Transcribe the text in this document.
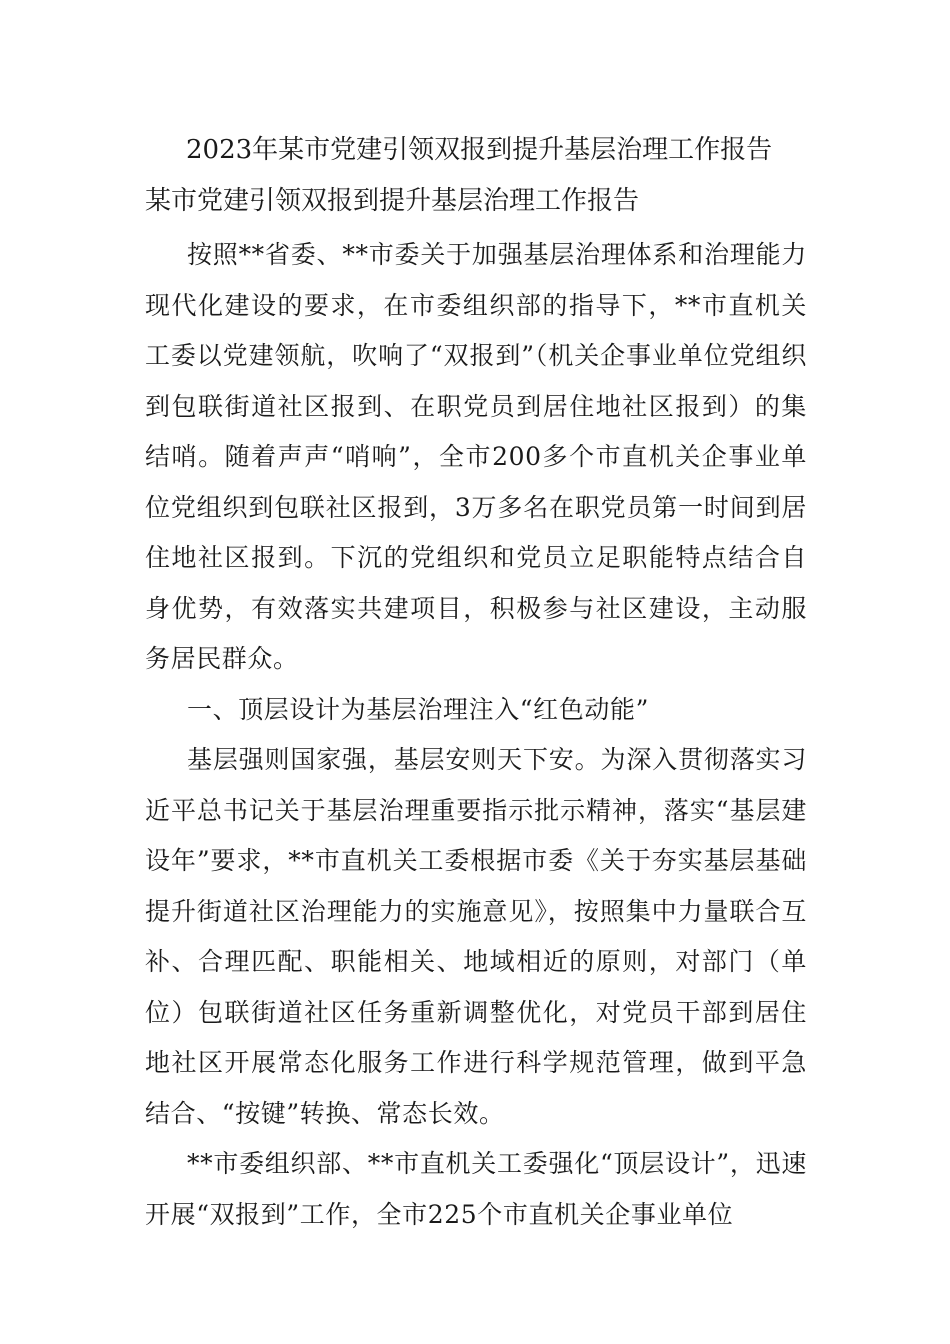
2023年某市党建引领双报到提升基层治理工作报告
某市党建引领双报到提升基层治理工作报告

按照**省委、**市委关于加强基层治理体系和治理能力现代化建设的要求，在市委组织部的指导下，**市直机关工委以党建领航，吹响了“双报到”（机关企事业单位党组织到包联街道社区报到、在职党员到居住地社区报到）的集结哨。随着声声“哨响”，全市200多个市直机关企事业单位党组织到包联社区报到，3万多名在职党员第一时间到居住地社区报到。下沉的党组织和党员立足职能特点结合自身优势，有效落实共建项目，积极参与社区建设，主动服务居民群众。

一、顶层设计为基层治理注入“红色动能”

基层强则国家强，基层安则天下安。为深入贯彻落实习近平总书记关于基层治理重要指示批示精神，落实“基层建设年”要求，**市直机关工委根据市委《关于夯实基层基础提升街道社区治理能力的实施意见》，按照集中力量联合互补、合理匹配、职能相关、地域相近的原则，对部门（单位）包联街道社区任务重新调整优化，对党员干部到居住地社区开展常态化服务工作进行科学规范管理，做到平急结合、“按键”转换、常态长效。

**市委组织部、**市直机关工委强化“顶层设计”，迅速开展“双报到”工作，全市225个市直机关企事业单位
